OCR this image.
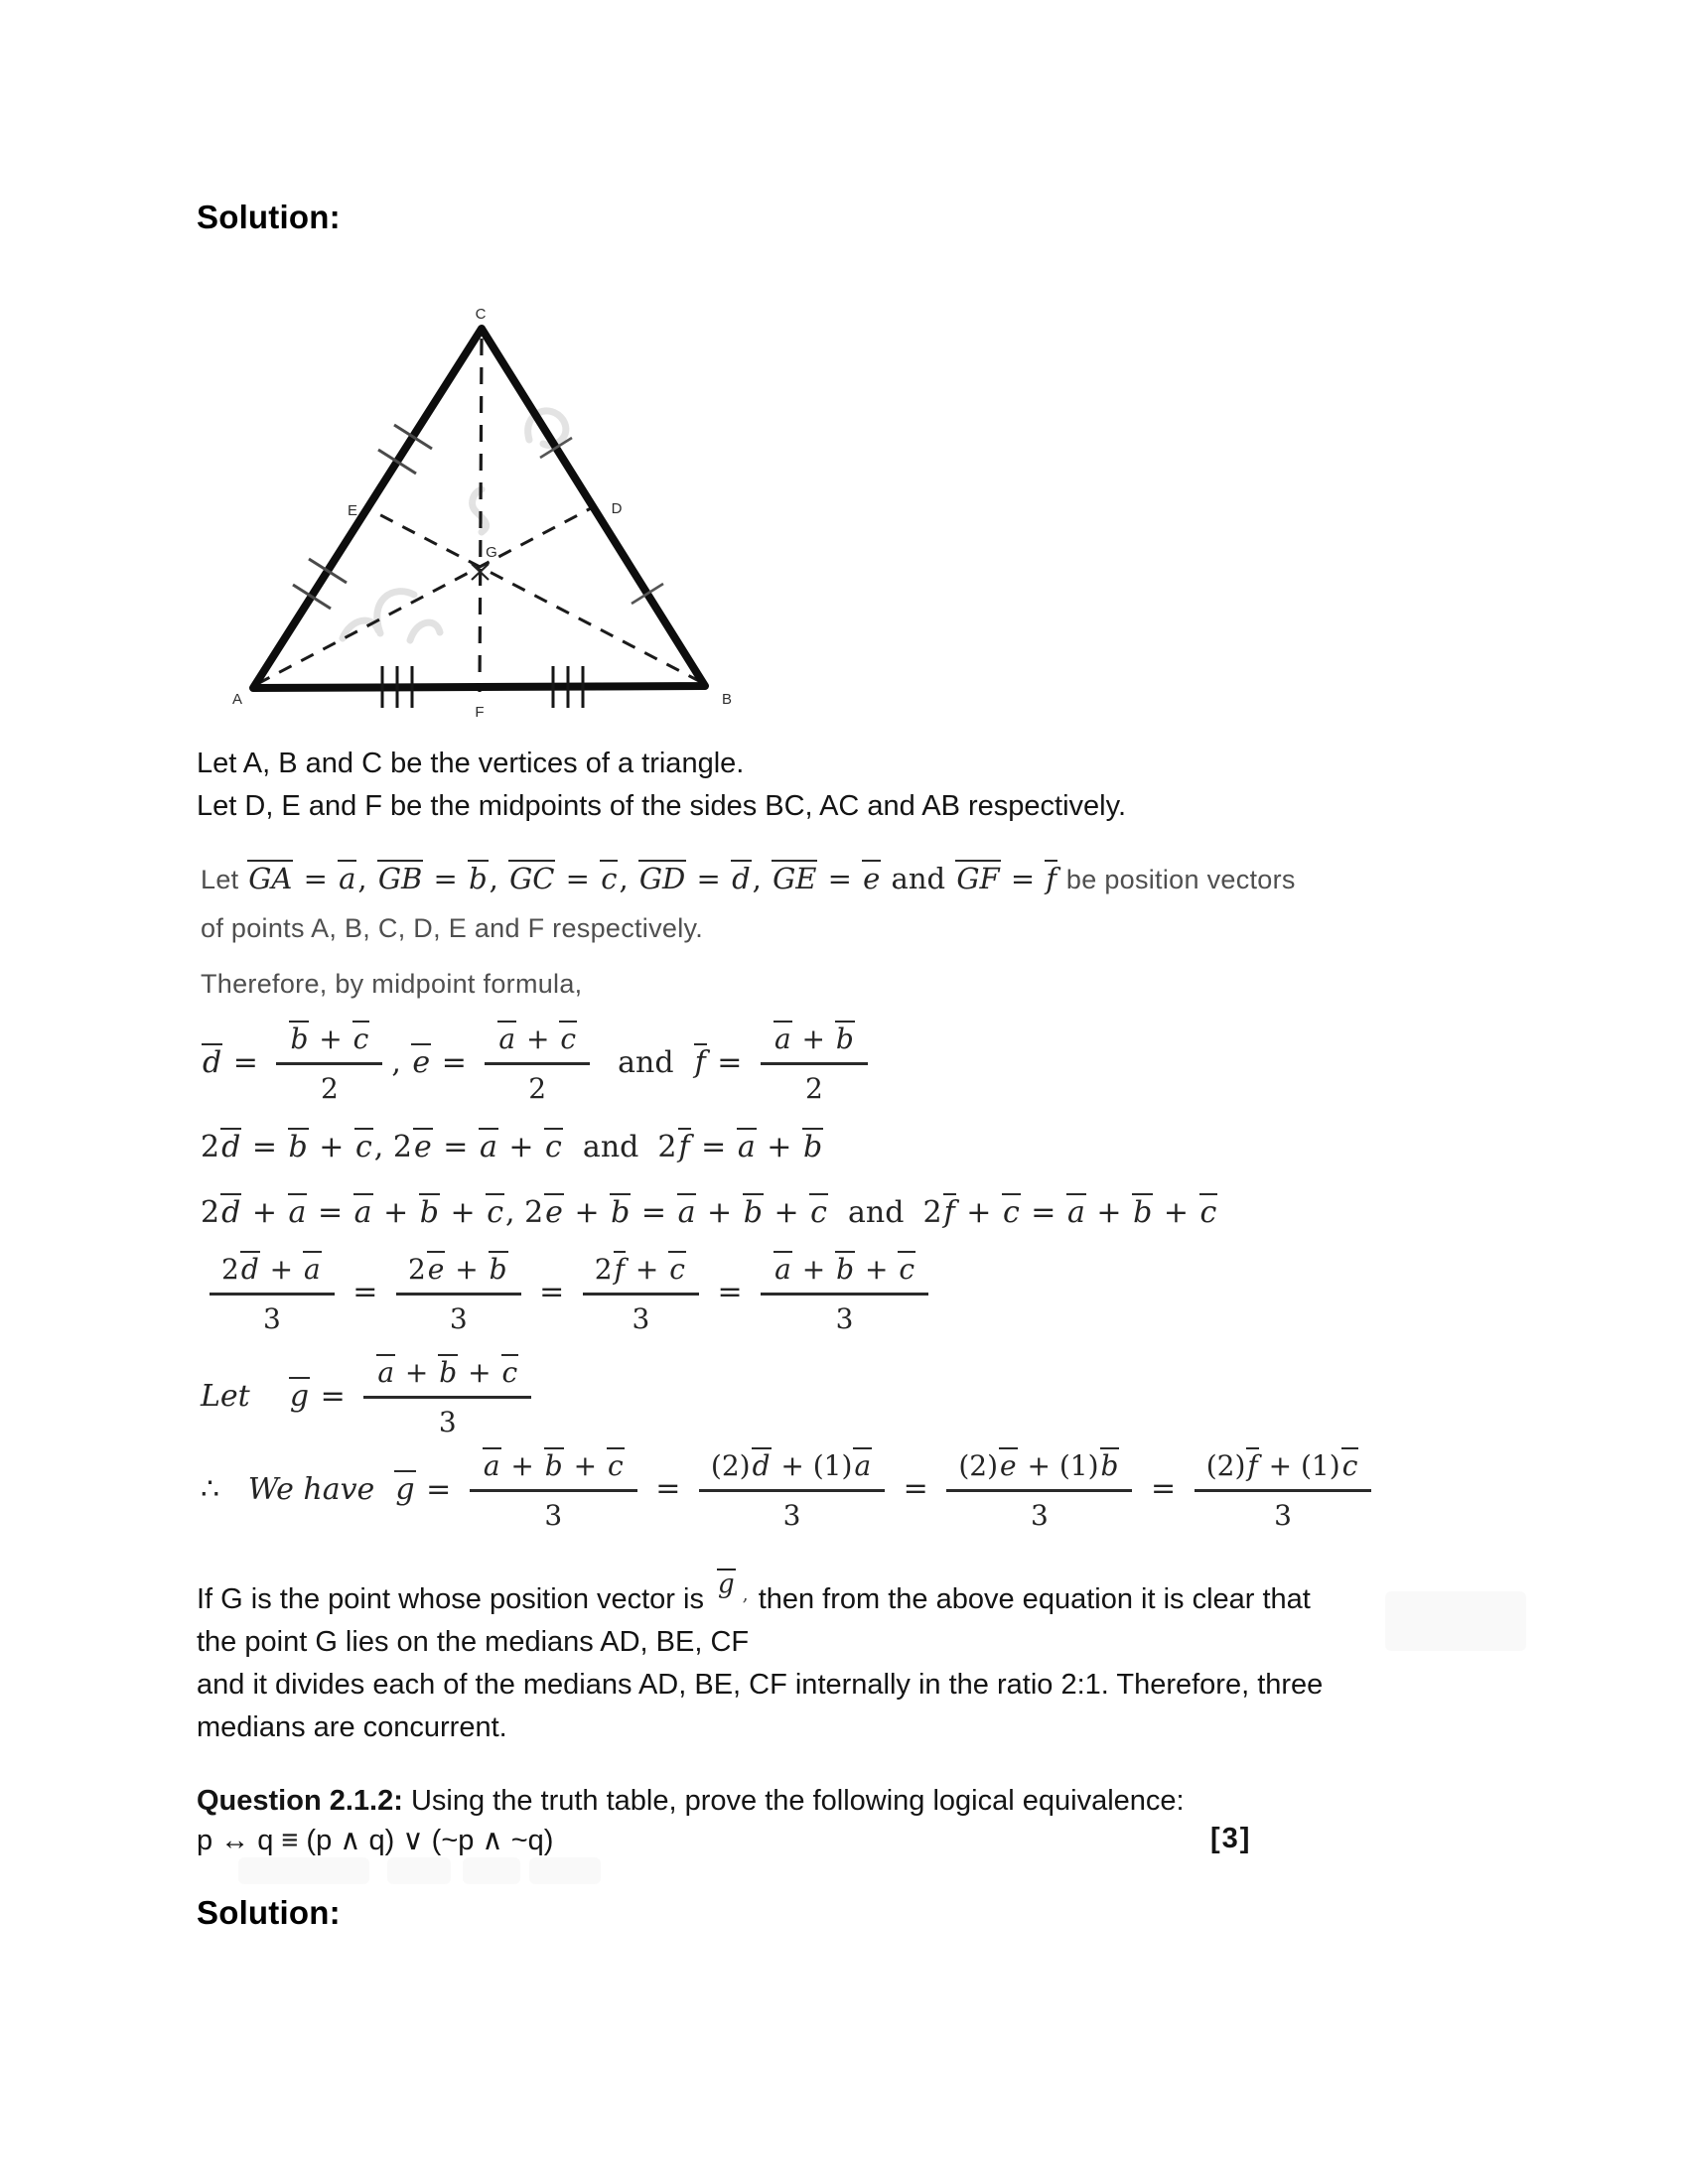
Solution:
C
A	B
E	D
G
F
Let A, B and C be the vertices of a triangle.
Let D, E and F be the midpoints of the sides BC, AC and AB respectively.
Let GA = a, GB = b, GC = c, GD = d, GE = e and GF = f be position vectors
of points A, B, C, D, E and F respectively.
Therefore, by midpoint formula,
$d = \frac{b + c}{2}$ , $e = \frac{a + c}{2}$ and  $f = \frac{a + b}{2}$
2d = b + c, 2e = a + c  and  2f = a + b
2d + a = a + b + c, 2e + b = a + b + c  and  2f + c = a + b + c
$\frac{2d + a}{3} = \frac{2e + b}{3} = \frac{2f + c}{3} = \frac{a + b + c}{3}$
Let $g = \frac{a + b + c}{3}$
∴   We have $g = \frac{a + b + c}{3} = \frac{(2)d + (1)a}{3} = \frac{(2)e + (1)b}{3} = \frac{(2)f + (1)c}{3}$
If G is the point whose position vector is g , then from the above equation it is clear that
the point G lies on the medians AD, BE, CF
and it divides each of the medians AD, BE, CF internally in the ratio 2:1. Therefore, three
medians are concurrent.
Question 2.1.2: Using the truth table, prove the following logical equivalence:
p ↔ q ≡ (p ∧ q) ∨ (~p ∧ ~q)	[3]
Solution:
